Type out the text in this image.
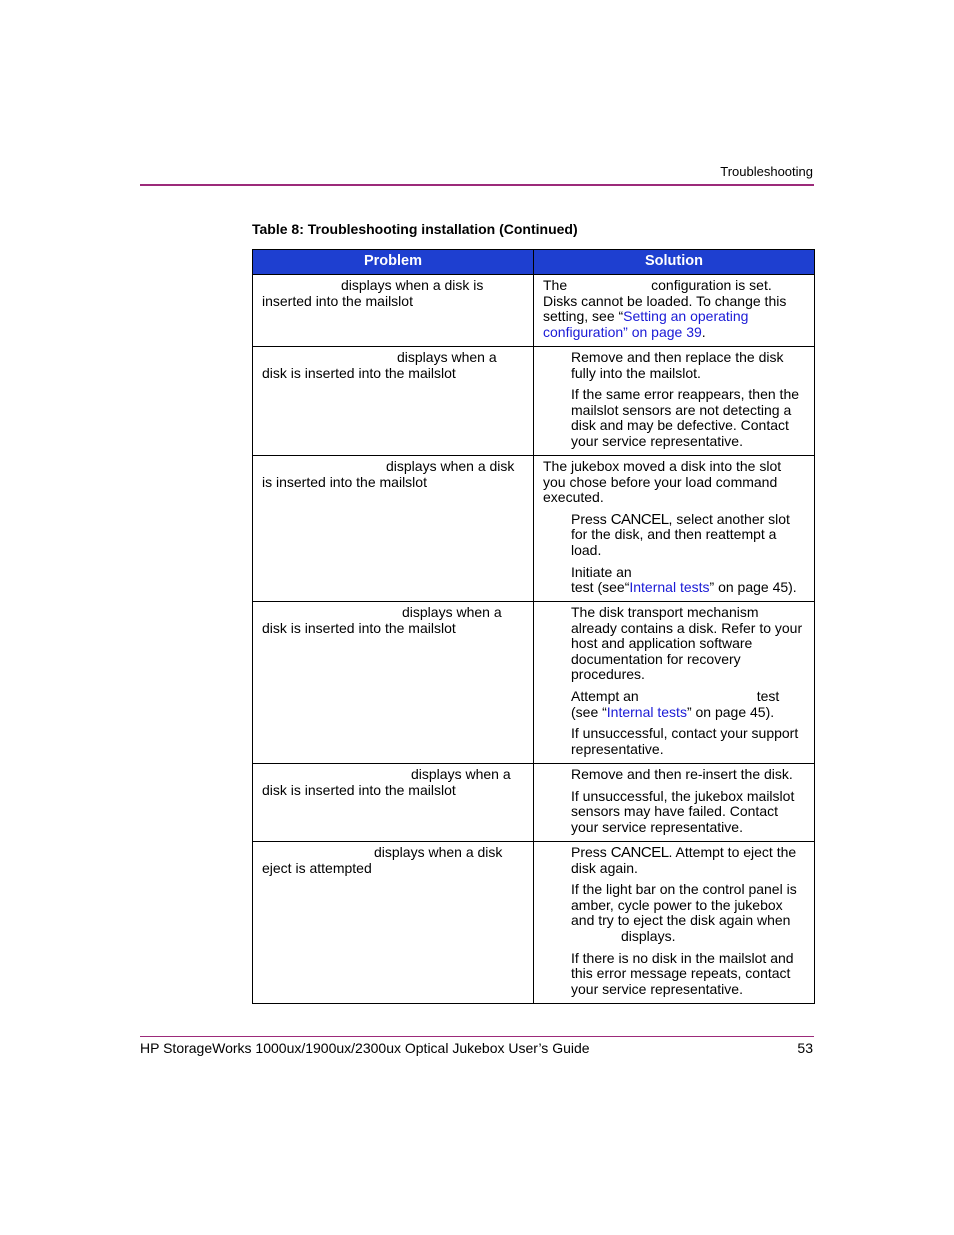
Troubleshooting
Table 8: Troubleshooting installation (Continued)
Problem	Solution

displays when a disk is inserted into the mailslot	The configuration is set. Disks cannot be loaded. To change this setting, see “Setting an operating configuration” on page 39.

displays when a disk is inserted into the mailslot	Remove and then replace the disk fully into the mailslot.

If the same error reappears, then the mailslot sensors are not detecting a disk and may be defective. Contact your service representative.

displays when a disk is inserted into the mailslot	The jukebox moved a disk into the slot you chose before your load command executed.

Press CANCEL, select another slot for the disk, and then reattempt a load.

Initiate an
test (see“Internal tests” on page 45).

displays when a disk is inserted into the mailslot	The disk transport mechanism already contains a disk. Refer to your host and application software documentation for recovery procedures.

Attempt an test
(see “Internal tests” on page 45).

If unsuccessful, contact your support representative.

displays when a disk is inserted into the mailslot	Remove and then re-insert the disk.

If unsuccessful, the jukebox mailslot sensors may have failed. Contact your service representative.

displays when a disk eject is attempted	Press CANCEL. Attempt to eject the disk again.

If the light bar on the control panel is amber, cycle power to the jukebox and try to eject the disk again when
displays.

If there is no disk in the mailslot and this error message repeats, contact your service representative.

HP StorageWorks 1000ux/1900ux/2300ux Optical Jukebox User’s Guide	53
